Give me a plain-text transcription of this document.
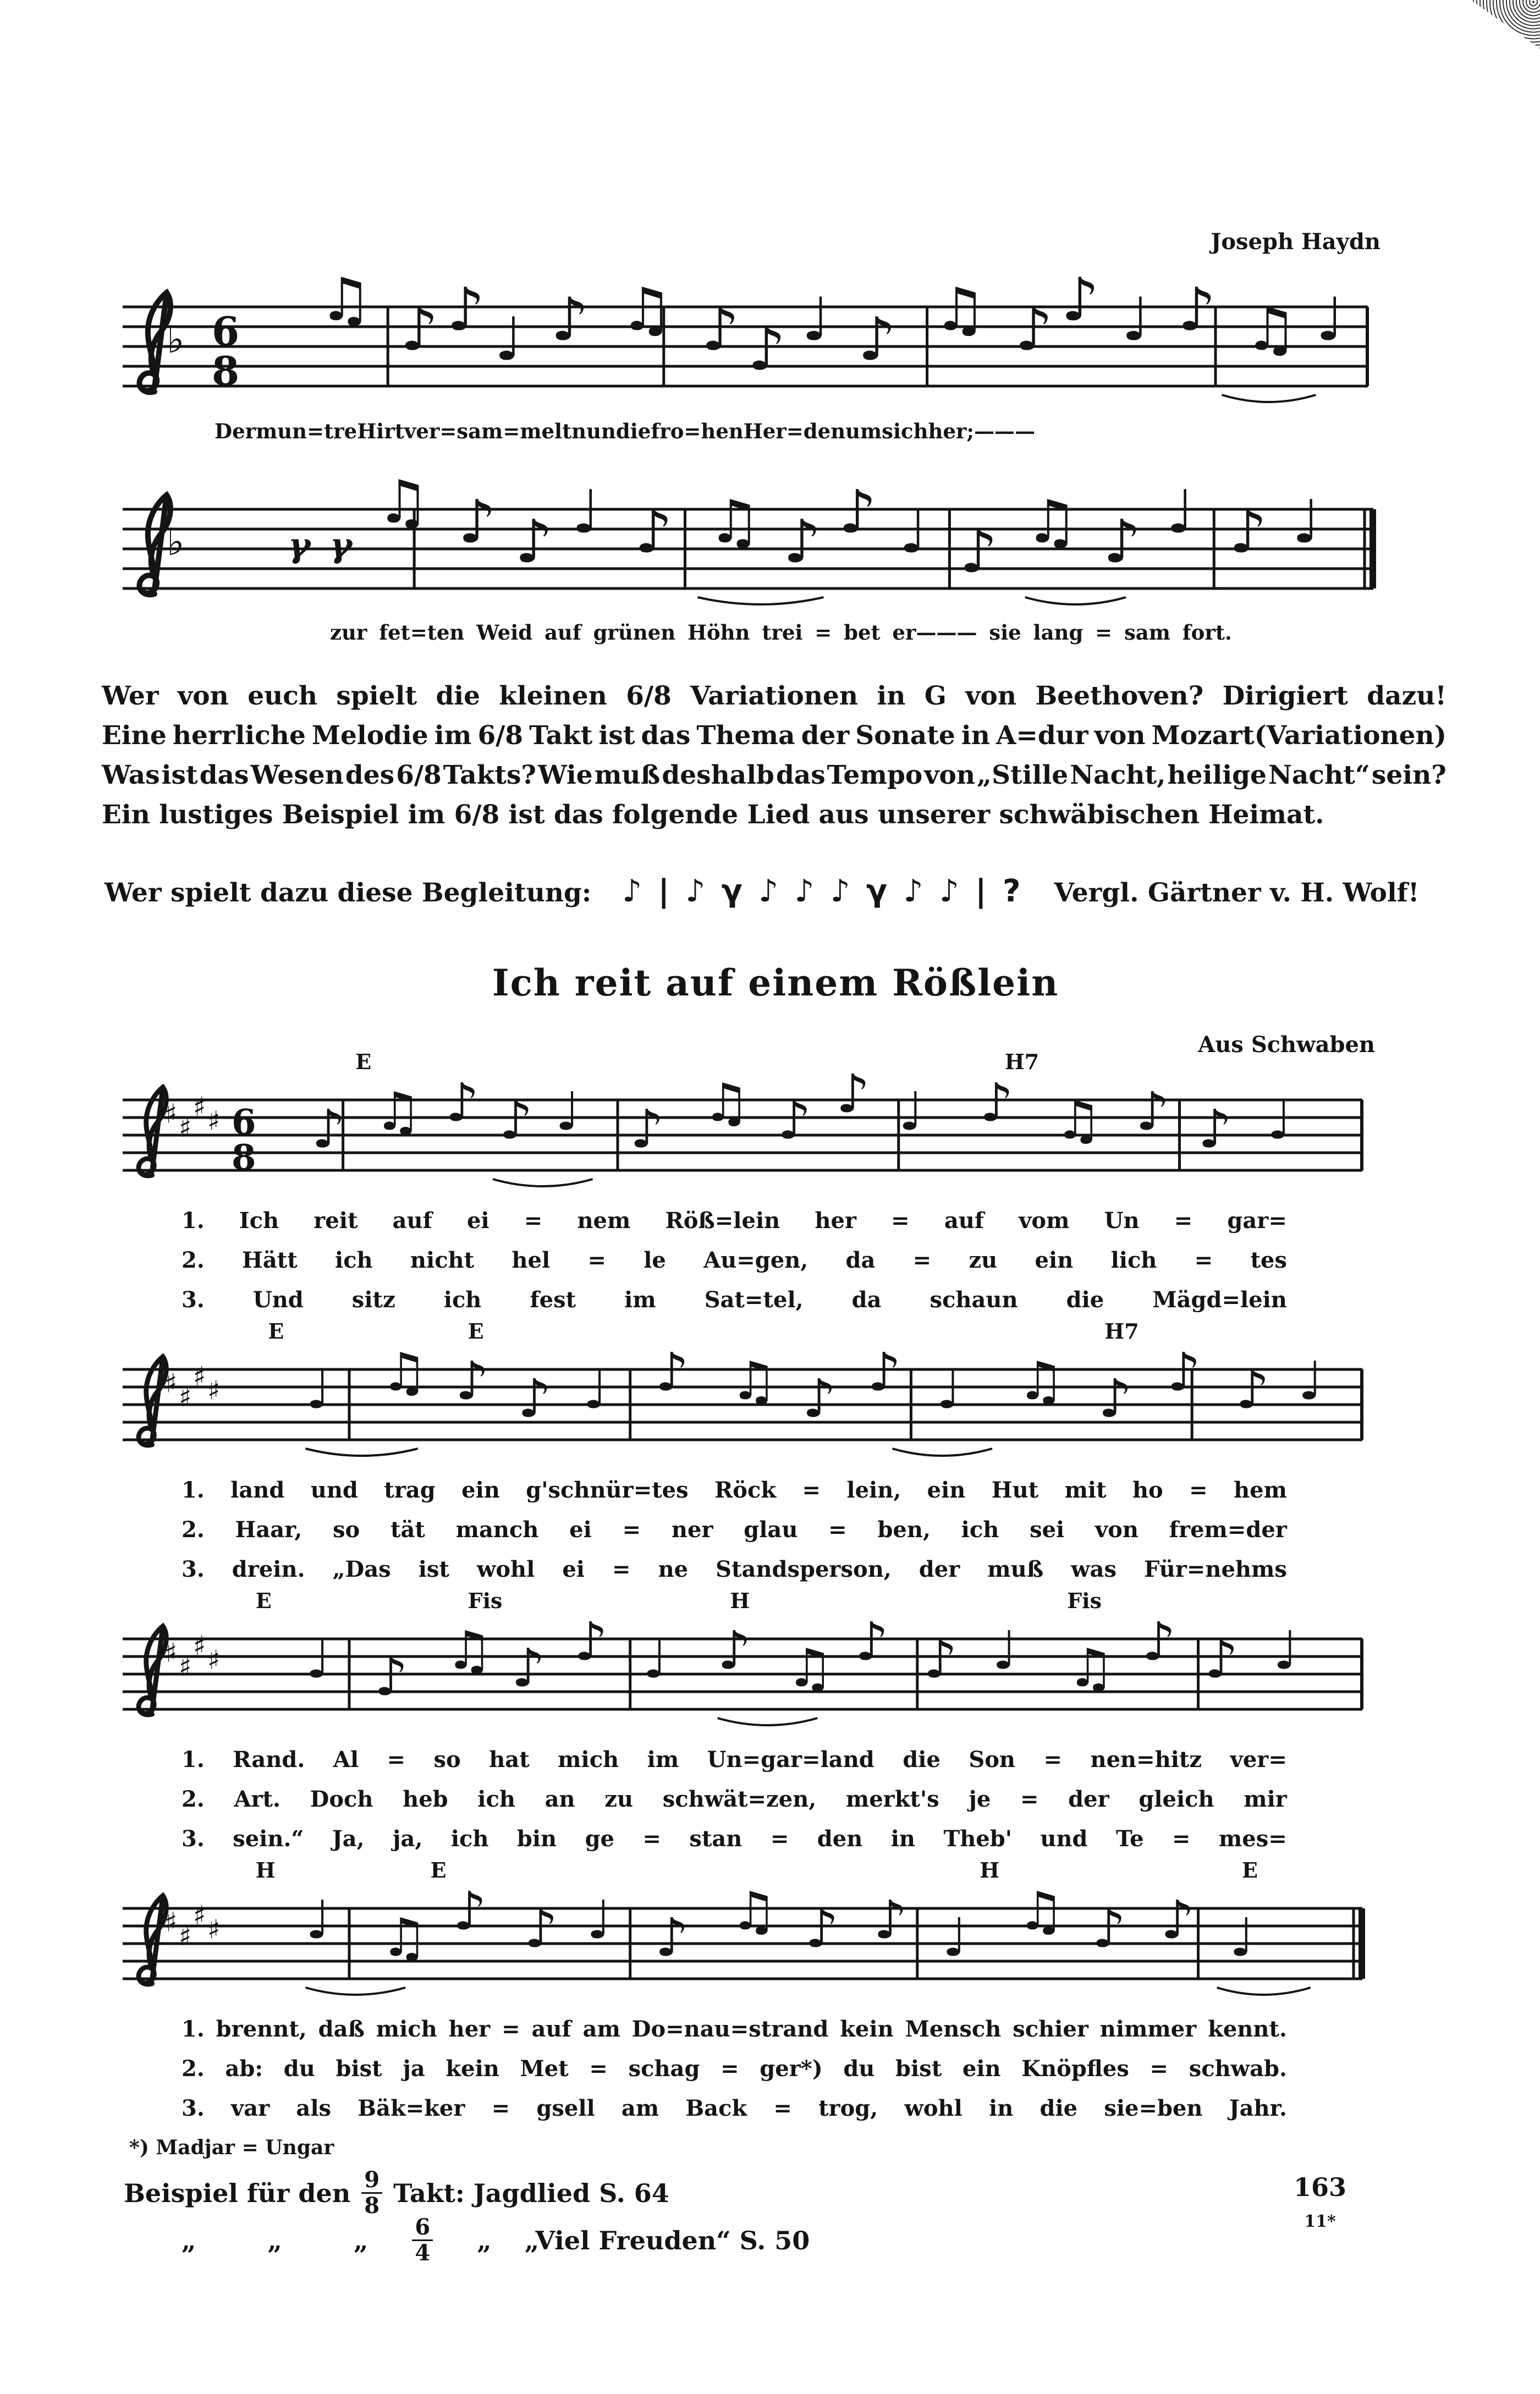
Joseph Haydn
♭ 6
8
♫ ♪ ♪ ♩ ♪ ♫ ♪ ♪ ♩ ♪ ♫ ♪ ♪ ♩ ♪ ♫ ♩
Der mun=tre Hirt ver=sam=melt nun die fro=hen Her=den um sich her;———
♭	γ γ
♫ ♪ ♪ ♩ ♪ ♫ ♪ ♪ ♩ ♪ ♫ ♪ ♩ ♪ ♩
zur fet=ten Weid auf grünen Höhn trei = bet er——— sie lang = sam fort.
Wer von euch spielt die kleinen 6/8 Variationen in G von Beethoven? Dirigiert dazu!
Eine herrliche Melodie im 6/8 Takt ist das Thema der Sonate in A=dur von Mozart(Variationen)
Was ist das Wesen des 6/8 Takts? Wie muß deshalb das Tempo von „Stille Nacht, heilige Nacht“ sein?
Ein lustiges Beispiel im 6/8 ist das folgende Lied aus unserer schwäbischen Heimat.
Wer spielt dazu diese Begleitung: ♪ | ♪ γ ♪ ♪ ♪ γ ♪ ♪ | ? Vergl. Gärtner v. H. Wolf!
Ich reit auf einem Rößlein
Aus Schwaben
E	H7
♯ ♯
♯ ♯ 6
8 ♪ ♫ ♪ ♪ ♩ ♪ ♫ ♪ ♪ ♩ ♪ ♫ ♪ ♪ ♩
1. Ich reit auf ei = nem Röß=lein her = auf vom Un = gar=
2. Hätt ich nicht hel = le Au=gen, da = zu ein lich = tes
3. Und sitz ich fest im Sat=tel, da schaun die Mägd=lein
E	E	H7
♯ ♯
♯ ♯ ♩ ♫ ♪ ♪ ♩ ♪ ♫ ♪ ♪ ♩ ♫ ♪ ♪ ♪ ♩
1. land und trag ein g'schnür=tes Röck = lein, ein Hut mit ho = hem
2. Haar, so tät manch ei = ner glau = ben, ich sei von frem=der
3. drein. „Das ist wohl ei = ne Standsperson, der muß was Für=nehms
E	Fis	H	Fis
♯ ♯
♯ ♯ ♩ ♪ ♫ ♪ ♪ ♩ ♪ ♫ ♪ ♪ ♩ ♫ ♪ ♪ ♩
1. Rand. Al = so hat mich im Un=gar=land die Son = nen=hitz ver=
2. Art. Doch heb ich an zu schwät=zen, merkt's je = der gleich mir
3. sein.“ Ja, ja, ich bin ge = stan = den in Theb' und Te = mes=
H	E	H	E
♯ ♯
♯ ♯ ♩ ♫ ♪ ♪ ♩ ♪ ♫ ♪ ♪ ♩ ♫ ♪ ♪ ♩
1. brennt, daß mich her = auf am Do=nau=strand kein Mensch schier nimmer kennt.
2. ab: du bist ja kein Met = schag = ger*) du bist ein Knöpfles = schwab.
3. var als Bäk=ker = gsell am Back = trog, wohl in die sie=ben Jahr.
*) Madjar = Ungar
Beispiel für den $\frac{9}{8}$ Takt: Jagdlied S. 64
„	„	„ $\frac{6}{4}$ „ „Viel Freuden“ S. 50
163
11*
